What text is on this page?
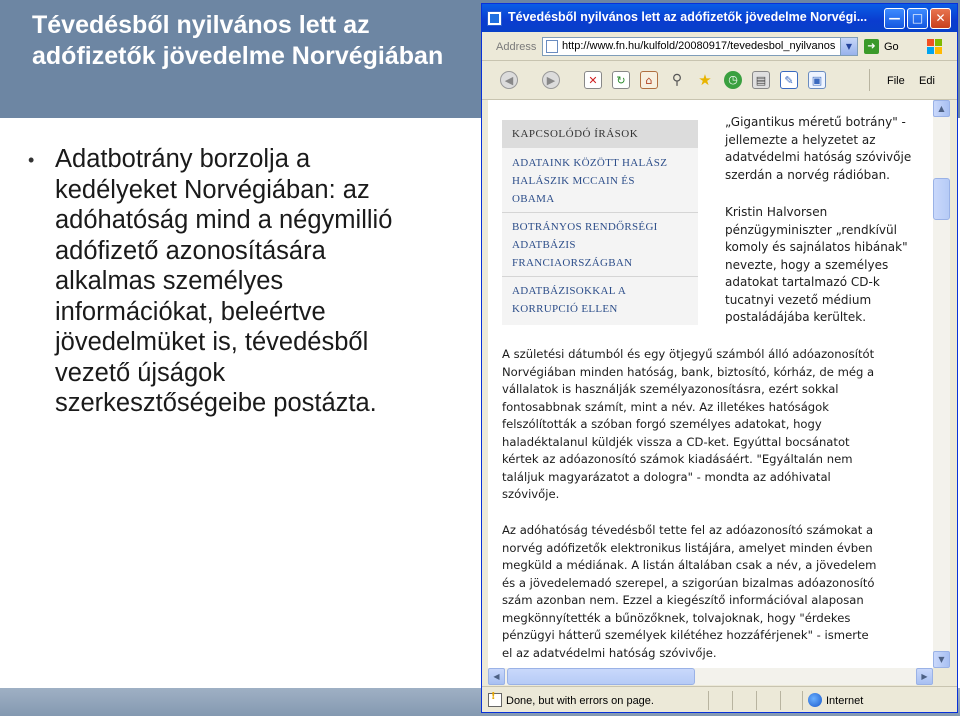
Tévedésből nyilvános lett az adófizetők jövedelme Norvégiában
• Adatbotrány borzolja a
kedélyeket Norvégiában: az
adóhatóság mind a négymillió
adófizető azonosítására
alkalmas személyes
információkat, beleértve
jövedelmüket is, tévedésből
vezető újságok
szerkesztőségeibe postázta.
Tévedésből nyilvános lett az adófizetők jövedelme Norvégi...	— □	✕
Address http://www.fn.hu/kulfold/20080917/tevedesbol_nyilvanos	▼	➜ Go
◀	▶	✕	↻	⌂	⚲ ★	◷	▤	✎	▣	File Edi
KAPCSOLÓDÓ ÍRÁSOK
ADATAINK KÖZÖTT HALÁSZ
HALÁSZIK MCCAIN ÉS
OBAMA
BOTRÁNYOS RENDŐRSÉGI
ADATBÁZIS
FRANCIAORSZÁGBAN
ADATBÁZISOKKAL A
KORRUPCIÓ ELLEN
„Gigantikus méretű botrány" -
jellemezte a helyzetet az
adatvédelmi hatóság szóvivője
szerdán a norvég rádióban.
Kristin Halvorsen
pénzügyminiszter „rendkívül
komoly és sajnálatos hibának"
nevezte, hogy a személyes
adatokat tartalmazó CD-k
tucatnyi vezető médium
postaládájába kerültek.
A születési dátumból és egy ötjegyű számból álló adóazonosítót
Norvégiában minden hatóság, bank, biztosító, kórház, de még a
vállalatok is használják személyazonosításra, ezért sokkal
fontosabbnak számít, mint a név. Az illetékes hatóságok
felszólították a szóban forgó személyes adatokat, hogy
haladéktalanul küldjék vissza a CD-ket. Egyúttal bocsánatot
kértek az adóazonosító számok kiadásáért. "Egyáltalán nem
találjuk magyarázatot a dologra" - mondta az adóhivatal
szóvivője.
Az adóhatóság tévedésből tette fel az adóazonosító számokat a
norvég adófizetők elektronikus listájára, amelyet minden évben
megküld a médiának. A listán általában csak a név, a jövedelem
és a jövedelemadó szerepel, a szigorúan bizalmas adóazonosító
szám azonban nem. Ezzel a kiegészítő információval alaposan
megkönnyítették a bűnözőknek, tolvajoknak, hogy "érdekes
pénzügyi hátterű személyek kilétéhez hozzáférjenek" - ismerte
el az adatvédelmi hatóság szóvivője.
▲
▼
◀	▶
!
Done, but with errors on page.	Internet
